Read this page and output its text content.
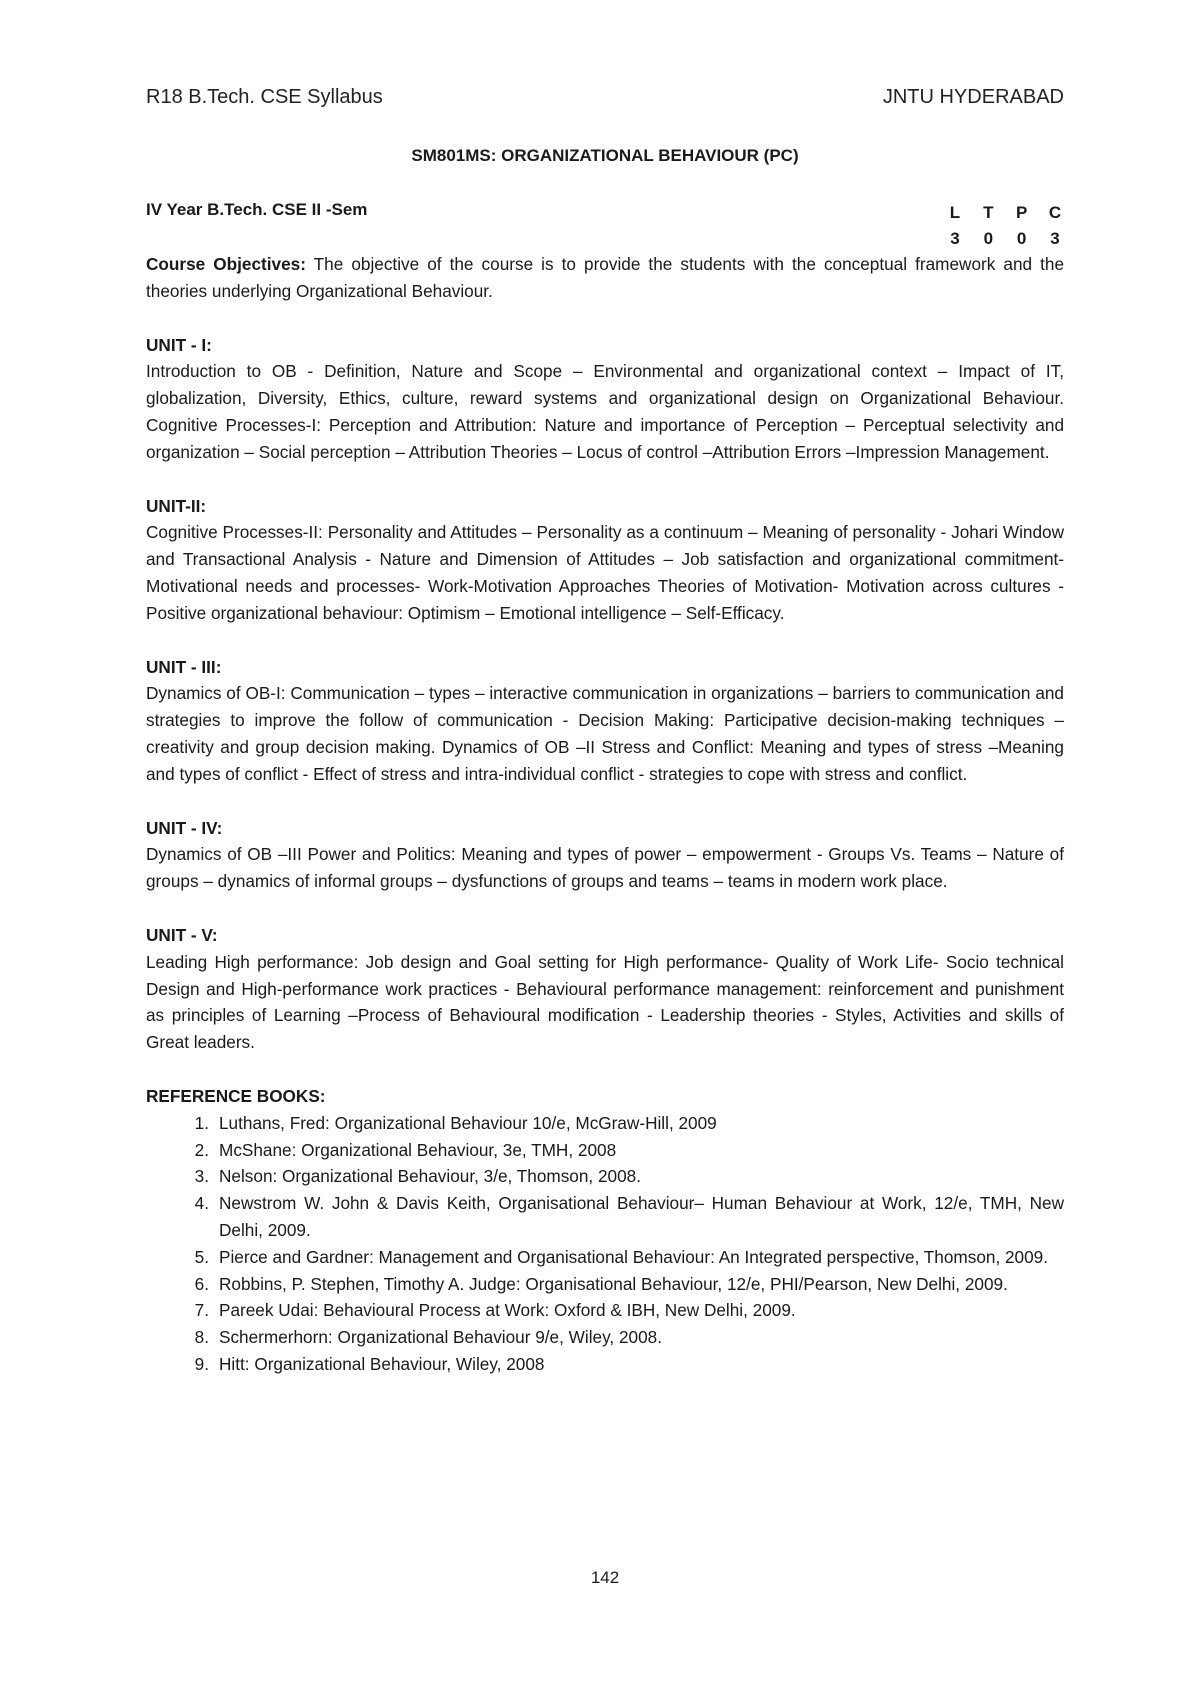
R18 B.Tech. CSE Syllabus	JNTU HYDERABAD
SM801MS: ORGANIZATIONAL BEHAVIOUR (PC)
IV Year B.Tech. CSE II -Sem	L T P C
3 0 0 3

Course Objectives: The objective of the course is to provide the students with the conceptual framework and the theories underlying Organizational Behaviour.

UNIT - I:

Introduction to OB - Definition, Nature and Scope – Environmental and organizational context – Impact of IT, globalization, Diversity, Ethics, culture, reward systems and organizational design on Organizational Behaviour. Cognitive Processes-I: Perception and Attribution: Nature and importance of Perception – Perceptual selectivity and organization – Social perception – Attribution Theories – Locus of control –Attribution Errors –Impression Management.

UNIT-II:

Cognitive Processes-II: Personality and Attitudes – Personality as a continuum – Meaning of personality - Johari Window and Transactional Analysis - Nature and Dimension of Attitudes – Job satisfaction and organizational commitment-Motivational needs and processes- Work-Motivation Approaches Theories of Motivation- Motivation across cultures - Positive organizational behaviour: Optimism – Emotional intelligence – Self-Efficacy.

UNIT - III:

Dynamics of OB-I: Communication – types – interactive communication in organizations – barriers to communication and strategies to improve the follow of communication - Decision Making: Participative decision-making techniques – creativity and group decision making. Dynamics of OB –II Stress and Conflict: Meaning and types of stress –Meaning and types of conflict - Effect of stress and intra-individual conflict - strategies to cope with stress and conflict.

UNIT - IV:

Dynamics of OB –III Power and Politics: Meaning and types of power – empowerment - Groups Vs. Teams – Nature of groups – dynamics of informal groups – dysfunctions of groups and teams – teams in modern work place.

UNIT - V:

Leading High performance: Job design and Goal setting for High performance- Quality of Work Life- Socio technical Design and High-performance work practices - Behavioural performance management: reinforcement and punishment as principles of Learning –Process of Behavioural modification - Leadership theories - Styles, Activities and skills of Great leaders.

REFERENCE BOOKS:

1. Luthans, Fred: Organizational Behaviour 10/e, McGraw-Hill, 2009
2. McShane: Organizational Behaviour, 3e, TMH, 2008
3. Nelson: Organizational Behaviour, 3/e, Thomson, 2008.
4. Newstrom W. John & Davis Keith, Organisational Behaviour– Human Behaviour at Work, 12/e, TMH, New Delhi, 2009.
5. Pierce and Gardner: Management and Organisational Behaviour: An Integrated perspective, Thomson, 2009.
6. Robbins, P. Stephen, Timothy A. Judge: Organisational Behaviour, 12/e, PHI/Pearson, New Delhi, 2009.
7. Pareek Udai: Behavioural Process at Work: Oxford & IBH, New Delhi, 2009.
8. Schermerhorn: Organizational Behaviour 9/e, Wiley, 2008.
9. Hitt: Organizational Behaviour, Wiley, 2008
142
